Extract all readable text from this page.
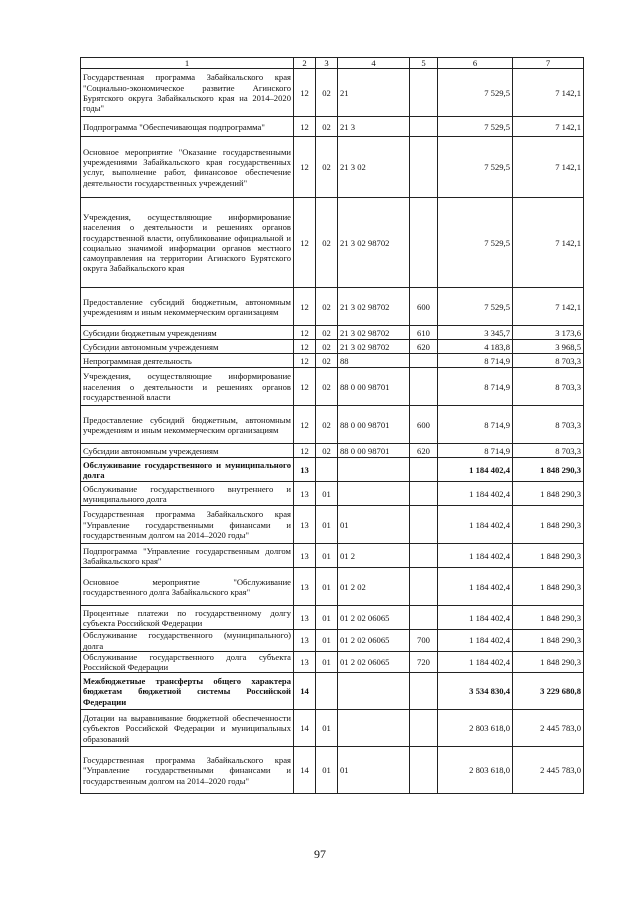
1	2	3	4	5	6	7
Государственная программа Забайкальского края "Социально-экономическое развитие Агинского Бурятского округа Забайкальского края на 2014–2020 годы"	12	02	21		7 529,5	7 142,1
Подпрограмма "Обеспечивающая подпрограмма"	12	02	21 3		7 529,5	7 142,1
Основное мероприятие "Оказание государственными учреждениями Забайкальского края государственных услуг, выполнение работ, финансовое обеспечение деятельности государственных учреждений"	12	02	21 3 02		7 529,5	7 142,1
Учреждения, осуществляющие информирование населения о деятельности и решениях органов государственной власти, опубликование официальной и социально значимой информации органов местного самоуправления на территории Агинского Бурятского округа Забайкальского края	12	02	21 3 02 98702		7 529,5	7 142,1
Предоставление субсидий бюджетным, автономным учреждениям и иным некоммерческим организациям	12	02	21 3 02 98702	600	7 529,5	7 142,1
Субсидии бюджетным учреждениям	12	02	21 3 02 98702	610	3 345,7	3 173,6
Субсидии автономным учреждениям	12	02	21 3 02 98702	620	4 183,8	3 968,5
Непрограммная деятельность	12	02	88		8 714,9	8 703,3
Учреждения, осуществляющие информирование населения о деятельности и решениях органов государственной власти	12	02	88 0 00 98701		8 714,9	8 703,3
Предоставление субсидий бюджетным, автономным учреждениям и иным некоммерческим организациям	12	02	88 0 00 98701	600	8 714,9	8 703,3
Субсидии автономным учреждениям	12	02	88 0 00 98701	620	8 714,9	8 703,3
Обслуживание государственного и муниципального долга	13				1 184 402,4	1 848 290,3
Обслуживание государственного внутреннего и муниципального долга	13	01			1 184 402,4	1 848 290,3
Государственная программа Забайкальского края "Управление государственными финансами и государственным долгом на 2014–2020 годы"	13	01	01		1 184 402,4	1 848 290,3
Подпрограмма "Управление государственным долгом Забайкальского края"	13	01	01 2		1 184 402,4	1 848 290,3
Основное мероприятие "Обслуживание государственного долга Забайкальского края"	13	01	01 2 02		1 184 402,4	1 848 290,3
Процентные платежи по государственному долгу субъекта Российской Федерации	13	01	01 2 02 06065		1 184 402,4	1 848 290,3
Обслуживание государственного (муниципального) долга	13	01	01 2 02 06065	700	1 184 402,4	1 848 290,3
Обслуживание государственного долга субъекта Российской Федерации	13	01	01 2 02 06065	720	1 184 402,4	1 848 290,3
Межбюджетные трансферты общего характера бюджетам бюджетной системы Российской Федерации	14				3 534 830,4	3 229 680,8
Дотации на выравнивание бюджетной обеспеченности субъектов Российской Федерации и муниципальных образований	14	01			2 803 618,0	2 445 783,0
Государственная программа Забайкальского края "Управление государственными финансами и государственным долгом на 2014–2020 годы"	14	01	01		2 803 618,0	2 445 783,0
97
